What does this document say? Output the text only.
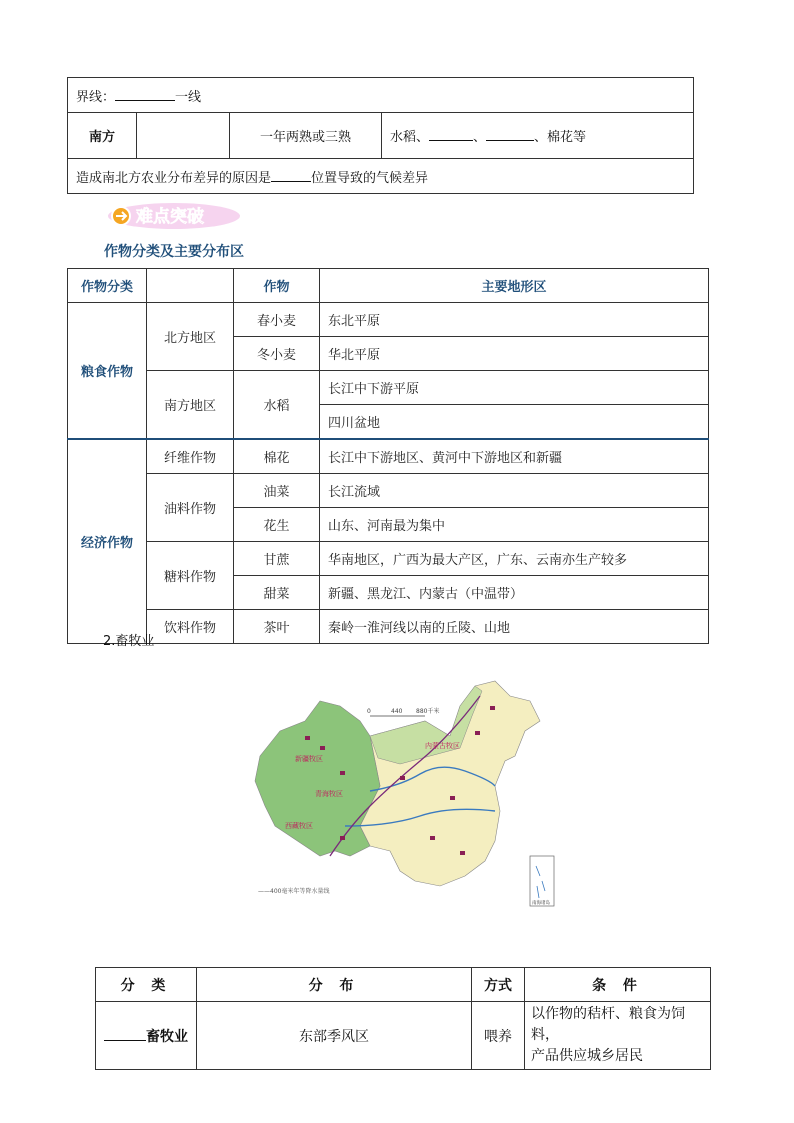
界线：	一线
南方		一年两熟或三熟	水稻、	、	、棉花等
造成南北方农业分布差异的原因是	位置导致的气候差异
难点突破
作物分类及主要分布区
作物分类		作物	主要地形区
粮食作物	北方地区	春小麦	东北平原
		冬小麦	华北平原
	南方地区	水稻	长江中下游平原
			四川盆地
经济作物	纤维作物	棉花	长江中下游地区、黄河中下游地区和新疆
	油料作物	油菜	长江流域
		花生	山东、河南最为集中
	糖料作物	甘蔗	华南地区，广西为最大产区，广东、云南亦生产较多
		甜菜	新疆、黑龙江、内蒙古（中温带）
	饮料作物	茶叶	秦岭一淮河线以南的丘陵、山地
2.畜牧业
0	440 880千米
新疆牧区
青海牧区
西藏牧区
内蒙古牧区
南海诸岛
——400毫米年等降水量线
分 类	分 布	方式	条 件
畜牧业	东部季风区	喂养	以作物的秸杆、粮食为饲料，
产品供应城乡居民
